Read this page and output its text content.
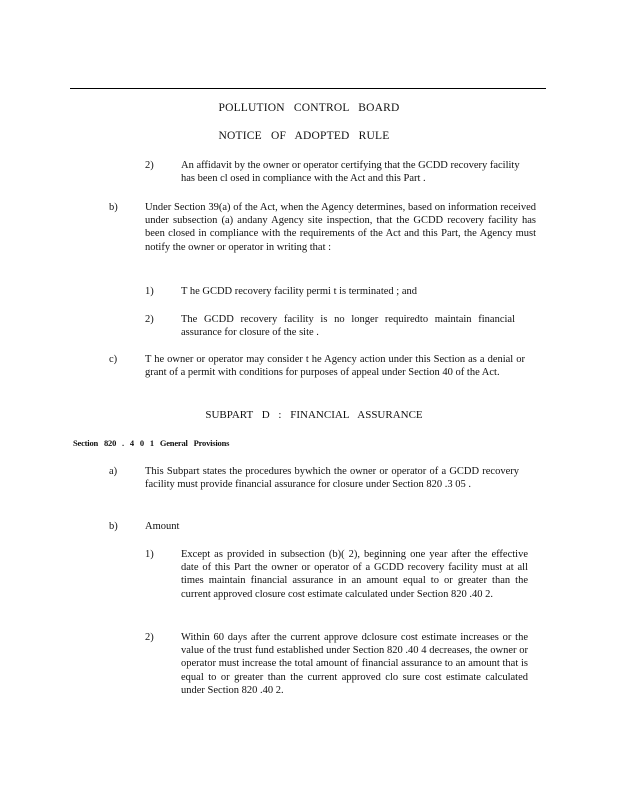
POLLUTION CONTROL BOARD
NOTICE OF ADOPTED RULE
2)	An affidavit by the owner or operator certifying that the GCDD recovery facility has been cl osed in compliance with the Act and this Part .

b)	Under Section 39(a) of the Act, when the Agency determines, based on information received under subsection (a) andany Agency site inspection, that the GCDD recovery facility has been closed in compliance with the requirements of the Act and this Part, the Agency must notify the owner or operator in writing that :

1)	T he GCDD recovery facility permi t is terminated ; and

2)	The GCDD recovery facility is no longer requiredto maintain financial assurance for closure of the site .

c)	T he owner or operator may consider t he Agency action under this Section as a denial or grant of a permit with conditions for purposes of appeal under Section 40 of the Act.

SUBPART D : FINANCIAL ASSURANCE
Section 820 . 4 0 1 General Provisions
a)	This Subpart states the procedures bywhich the owner or operator of a GCDD recovery facility must provide financial assurance for closure under Section 820 .3 05 .

b)	Amount

1)	Except as provided in subsection (b)( 2), beginning one year after the effective date of this Part the owner or operator of a GCDD recovery facility must at all times maintain financial assurance in an amount equal to or greater than the current approved closure cost estimate calculated under Section 820 .40 2.

2)	Within 60 days after the current approve dclosure cost estimate increases or the value of the trust fund established under Section 820 .40 4 decreases, the owner or operator must increase the total amount of financial assurance to an amount that is equal to or greater than the current approved clo sure cost estimate calculated under Section 820 .40 2.
